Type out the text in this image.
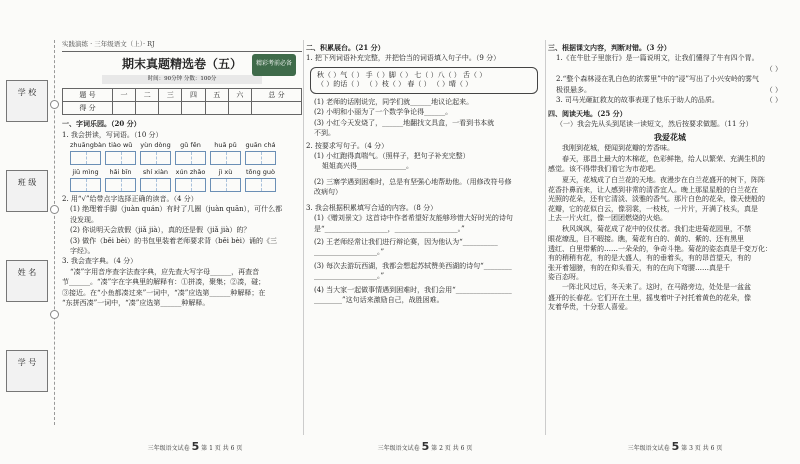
学 校
班 级
姓 名
学 号
实践演练 · 三年级语文（上）· RJ
期末真题精选卷（五）	精彩考前必备
时间：90分钟 分数：100分
题 号	一	二	三	四	五	六	总 分
得 分							
一、字词乐园。（20 分）
1. 我会拼读，写词语。（10 分）
zhuāngbàn tiào wǔ	yùn dòng	gǔ fēn	huā pǔ	guān chá
jiū mìng	hǎi bīn	shí xiàn	xún zhǎo	jì xù	tōng guò
2. 用“√”给带点字选择正确的读音。（4 分）
(1) 绝理着手脚（juàn quán）有时了几圈（juàn quān），可什么都
没发现。
(2) 你说明天会放假（jiǎ jià），真的还是假（jiǎ jià）的？
(3) 做作（běi bèi）的书包里装着老师要求背（běi bèi）诵的《三
字经》。
3. 我会查字典。（4 分）
“凑”字用音序查字法查字典，应先查大写字母______，再查音
节______。“凑”字在字典里的解释有：①拼凑，聚集；②凑，碰；
③接近。在“小鱼都凑过来”一词中，“凑”应选第______种解释；在
“东拼西凑”一词中，“凑”应选第______种解释。
二、积累展台。（21 分）
1. 把下列词语补充完整，并把恰当的词语填入句子中。（9 分）
秋（ ）气（ ） 手（ ）脚（ ） 七（ ）八（ ） 舌（ ）
（ ）的话（ ） （ ）枝（ ） 春（ ） （ ）晴（ ）
(1) 老师的话刚说完，同学们就______地议论起来。
(2) 小明和小丽为了一个数学争论得______。
(3) 小红今天发烧了，______地翻找文具盒，一看到书本就
不到。
2. 按要求写句子。（4 分）
(1) 小红跑得真喘气。（照样子，把句子补充完整）
姐姐高兴得______________。
(2) 三寨学遇到困难时，总是有坚强心地帮助他。（用修改符号修
改病句）
3. 我会根据积累填写合适的内容。（8 分）
(1)《赠刘景文》这首诗中作者希望好友能够珍惜大好时光的诗句
是“__________________，__________________。”
(2) 王老师经常让我们进行辩论赛，因为他认为“__________
__________________。”
(3) 每次去游玩西湖，我都会想起苏轼赞美西湖的诗句“________
__________________。”
(4) 当大家一起做事情遇到困难时，我们会用“________________
________”这句话来激励自己，战胜困难。
三、根据课文内容，判断对错。（3 分）
1.《在牛肚子里旅行》是一篇说明文，让我们懂得了牛有四个胃。
（ ）

2.“整个森林浸在乳白色的浓雾里”中的“浸”写出了小兴安岭的雾气
极很悬多。	（ ）
3. 司马光砸缸救友的故事表现了他乐于助人的品质。	（ ）
四、阅读天地。（25 分）
（一）我会先从头到尾读一读短文，然后按要求做题。（11 分）
我爱花城
我刚到花城，便闻到花瓣的芳香味。
春天，那昌土最大的木棉花，色彩鲜艳，给人以繁荣、充满生机的
感觉。该不得带我们看它为市花吧。
夏天，花城成了白兰花的天地。夜漫步在白兰花盛开的树下，阵阵
花香扑鼻而来，让人感到非常的清香宜人。晚上那星星般的白兰花在
光照的花朵，还有它清淡、淡雅的香气。那片白色的花朵，像天使般的
花瓣，它的花似白云，像羽裳，一枝枝，一片片，开满了枝头，真是
上去一片火红，像一团团燃烧的火焰。
秋风飒飒，菊花成了花中的仪仗者。我们走进菊花园里，不禁
眼花缭乱，目不暇接。瞧，菊花有白的、黄的、紫的、还有黑里
透红、白里带紫的……一朵朵的，争奇斗艳。菊花的姿态真是千变万化：
有的稍稍有花，有的是大盛人，有的垂着头，有的昂首望天，有的
张开着翅膀，有的在仰头看天，有的在向下弯腰……真是千
姿百态呀。
一阵北风过后，冬天来了。这时，在马路旁边，处处是一盆盆
盛开的长春花。它们开在土里，摇曳着叶子衬托着黄色的花朵，像
友着华贵，十分惹人喜爱。
三年级语文试卷 5 第 1 页 共 6 页	三年级语文试卷 5 第 2 页 共 6 页	三年级语文试卷 5 第 3 页 共 6 页
